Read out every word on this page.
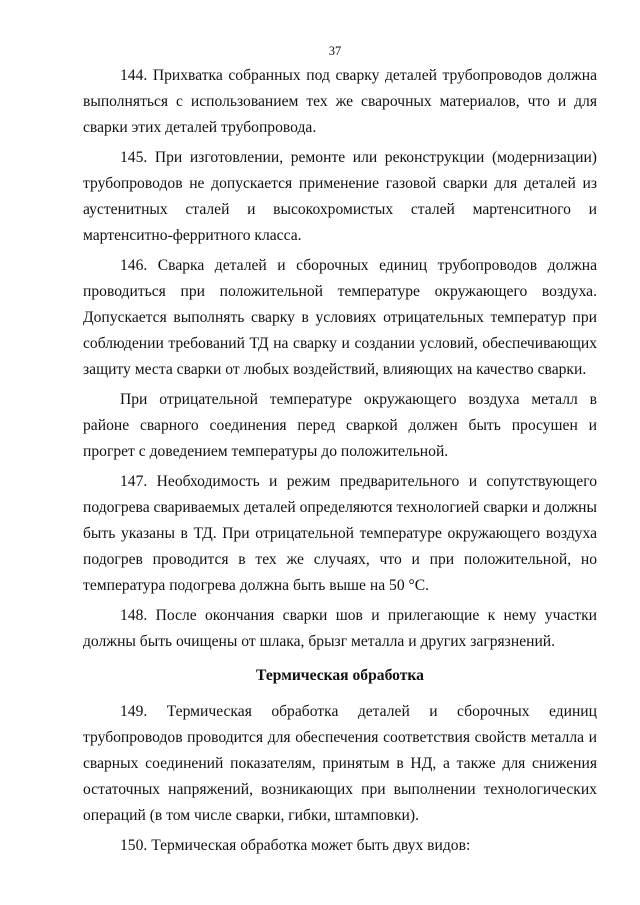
37

144. Прихватка собранных под сварку деталей трубопроводов должна выполняться с использованием тех же сварочных материалов, что и для сварки этих деталей трубопровода.

145. При изготовлении, ремонте или реконструкции (модернизации) трубопроводов не допускается применение газовой сварки для деталей из аустенитных сталей и высокохромистых сталей мартенситного и мартенситно-ферритного класса.

146. Сварка деталей и сборочных единиц трубопроводов должна проводиться при положительной температуре окружающего воздуха. Допускается выполнять сварку в условиях отрицательных температур при соблюдении требований ТД на сварку и создании условий, обеспечивающих защиту места сварки от любых воздействий, влияющих на качество сварки.

При отрицательной температуре окружающего воздуха металл в районе сварного соединения перед сваркой должен быть просушен и прогрет с доведением температуры до положительной.

147. Необходимость и режим предварительного и сопутствующего подогрева свариваемых деталей определяются технологией сварки и должны быть указаны в ТД. При отрицательной температуре окружающего воздуха подогрев проводится в тех же случаях, что и при положительной, но температура подогрева должна быть выше на 50 °С.

148. После окончания сварки шов и прилегающие к нему участки должны быть очищены от шлака, брызг металла и других загрязнений.

Термическая обработка

149. Термическая обработка деталей и сборочных единиц трубопроводов проводится для обеспечения соответствия свойств металла и сварных соединений показателям, принятым в НД, а также для снижения остаточных напряжений, возникающих при выполнении технологических операций (в том числе сварки, гибки, штамповки).

150. Термическая обработка может быть двух видов:
